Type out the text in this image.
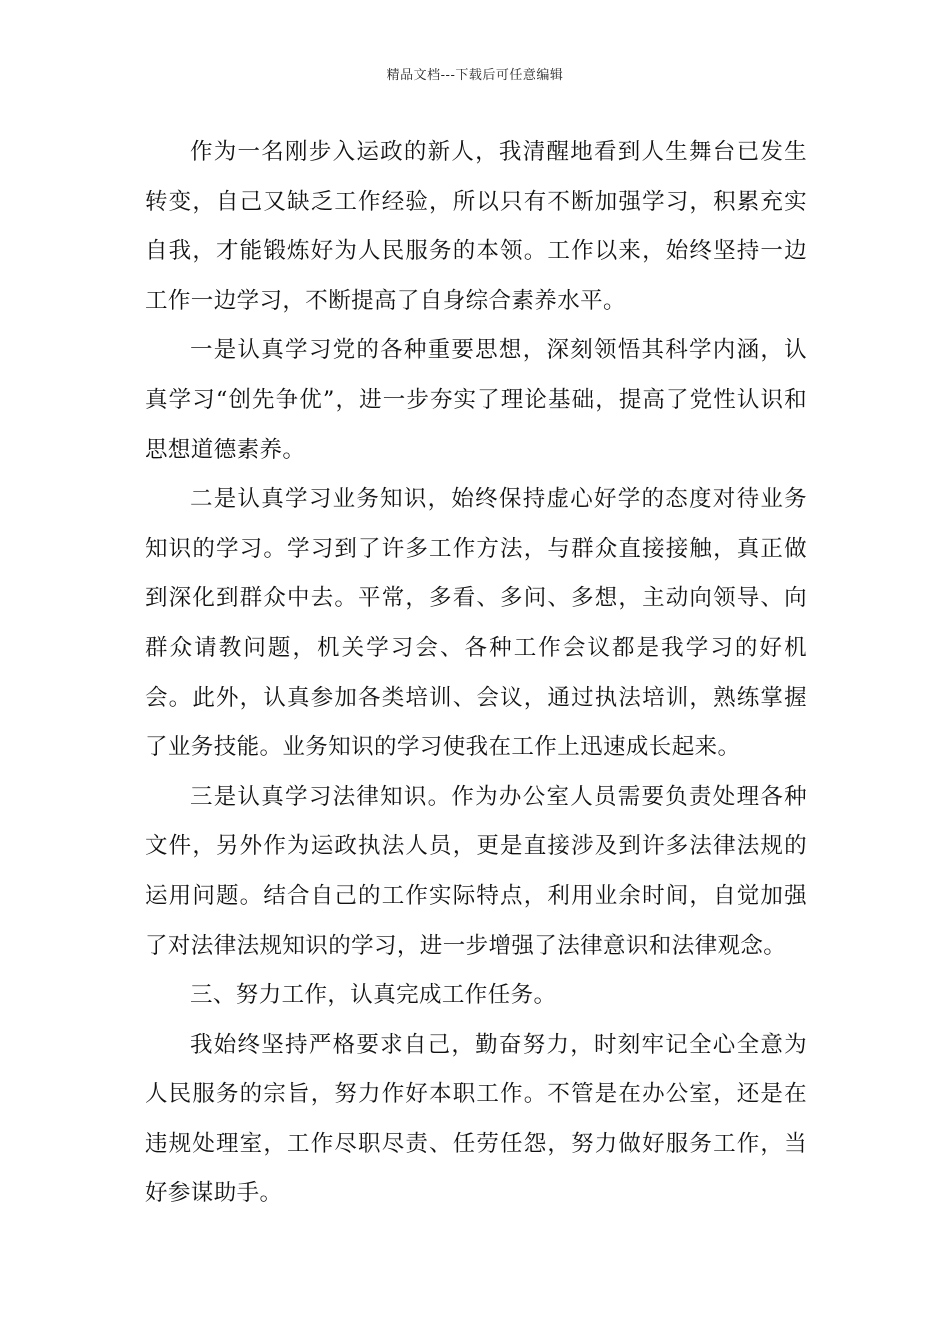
精品文档---下载后可任意编辑

作为一名刚步入运政的新人，我清醒地看到人生舞台已发生转变，自己又缺乏工作经验，所以只有不断加强学习，积累充实自我，才能锻炼好为人民服务的本领。工作以来，始终坚持一边工作一边学习，不断提高了自身综合素养水平。

一是认真学习党的各种重要思想，深刻领悟其科学内涵，认真学习“创先争优”，进一步夯实了理论基础，提高了党性认识和思想道德素养。

二是认真学习业务知识，始终保持虚心好学的态度对待业务知识的学习。学习到了许多工作方法，与群众直接接触，真正做到深化到群众中去。平常，多看、多问、多想，主动向领导、向群众请教问题，机关学习会、各种工作会议都是我学习的好机会。此外，认真参加各类培训、会议，通过执法培训，熟练掌握了业务技能。业务知识的学习使我在工作上迅速成长起来。

三是认真学习法律知识。作为办公室人员需要负责处理各种文件，另外作为运政执法人员，更是直接涉及到许多法律法规的运用问题。结合自己的工作实际特点，利用业余时间，自觉加强了对法律法规知识的学习，进一步增强了法律意识和法律观念。

三、努力工作，认真完成工作任务。

我始终坚持严格要求自己，勤奋努力，时刻牢记全心全意为人民服务的宗旨，努力作好本职工作。不管是在办公室，还是在违规处理室，工作尽职尽责、任劳任怨，努力做好服务工作，当好参谋助手。
